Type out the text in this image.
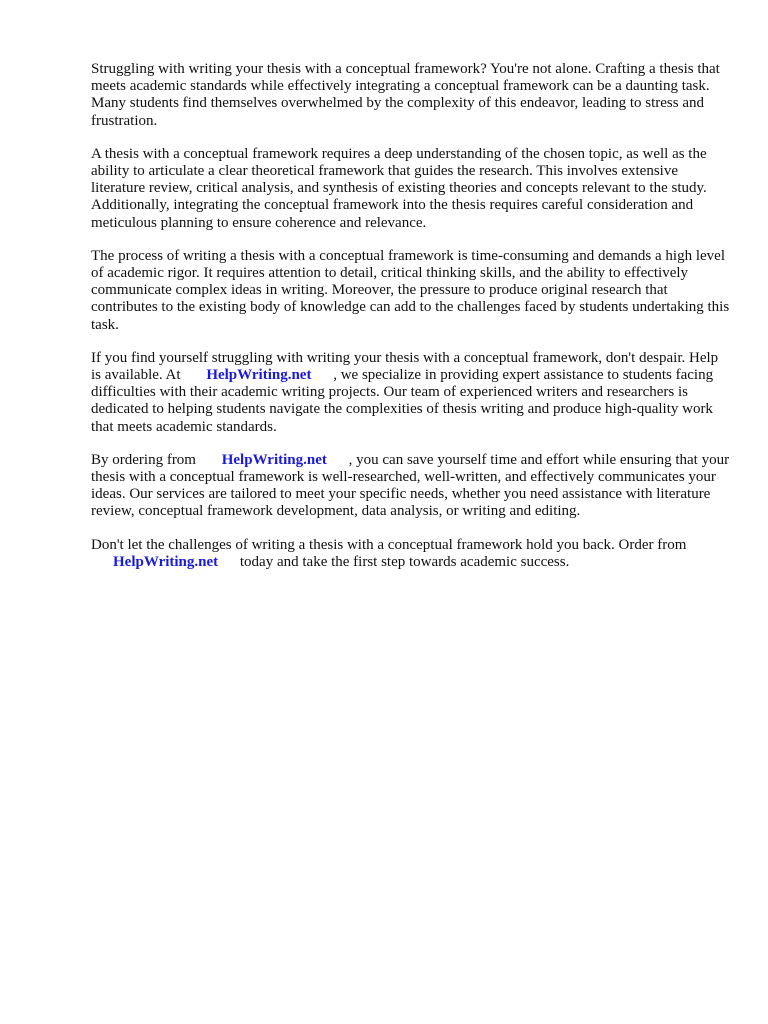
Struggling with writing your thesis with a conceptual framework? You're not alone. Crafting a thesis that meets academic standards while effectively integrating a conceptual framework can be a daunting task. Many students find themselves overwhelmed by the complexity of this endeavor, leading to stress and frustration.

A thesis with a conceptual framework requires a deep understanding of the chosen topic, as well as the ability to articulate a clear theoretical framework that guides the research. This involves extensive literature review, critical analysis, and synthesis of existing theories and concepts relevant to the study. Additionally, integrating the conceptual framework into the thesis requires careful consideration and meticulous planning to ensure coherence and relevance.

The process of writing a thesis with a conceptual framework is time-consuming and demands a high level of academic rigor. It requires attention to detail, critical thinking skills, and the ability to effectively communicate complex ideas in writing. Moreover, the pressure to produce original research that contributes to the existing body of knowledge can add to the challenges faced by students undertaking this task.

If you find yourself struggling with writing your thesis with a conceptual framework, don't despair. Help is available. At HelpWriting.net , we specialize in providing expert assistance to students facing difficulties with their academic writing projects. Our team of experienced writers and researchers is dedicated to helping students navigate the complexities of thesis writing and produce high-quality work that meets academic standards.

By ordering from HelpWriting.net , you can save yourself time and effort while ensuring that your thesis with a conceptual framework is well-researched, well-written, and effectively communicates your ideas. Our services are tailored to meet your specific needs, whether you need assistance with literature review, conceptual framework development, data analysis, or writing and editing.

Don't let the challenges of writing a thesis with a conceptual framework hold you back. Order from HelpWriting.net today and take the first step towards academic success.
